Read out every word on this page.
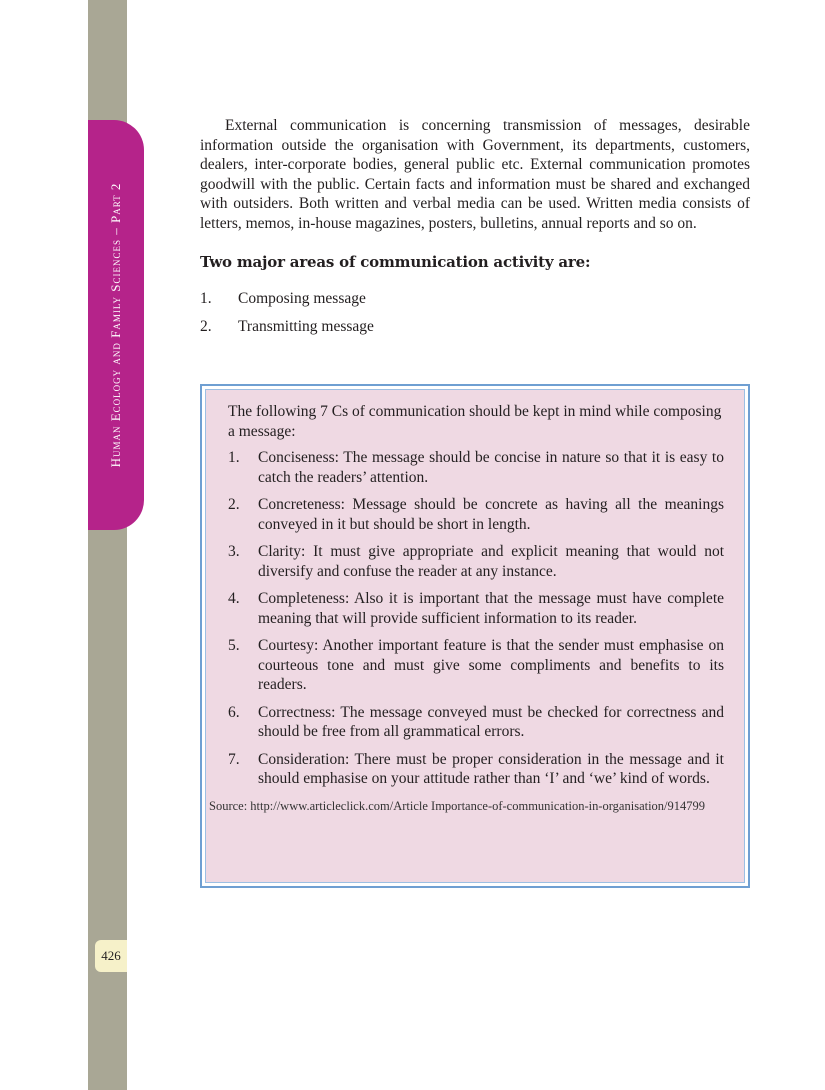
Human Ecology and Family Sciences – Part 2
426

External communication is concerning transmission of messages, desirable information outside the organisation with Government, its departments, customers, dealers, inter-corporate bodies, general public etc. External communication promotes goodwill with the public. Certain facts and information must be shared and exchanged with outsiders. Both written and verbal media can be used. Written media consists of letters, memos, in-house magazines, posters, bulletins, annual reports and so on.

Two major areas of communication activity are:

1.	Composing message
2.	Transmitting message

The following 7 Cs of communication should be kept in mind while composing a message:

1.	Conciseness: The message should be concise in nature so that it is easy to catch the readers’ attention.
2.	Concreteness: Message should be concrete as having all the meanings conveyed in it but should be short in length.
3.	Clarity: It must give appropriate and explicit meaning that would not diversify and confuse the reader at any instance.
4.	Completeness: Also it is important that the message must have complete meaning that will provide sufficient information to its reader.
5.	Courtesy: Another important feature is that the sender must emphasise on courteous tone and must give some compliments and benefits to its readers.
6.	Correctness: The message conveyed must be checked for correctness and should be free from all grammatical errors.
7.	Consideration: There must be proper consideration in the message and it should emphasise on your attitude rather than ‘I’ and ‘we’ kind of words.

Source: http://www.articleclick.com/Article Importance-of-communication-in-organisation/914799
